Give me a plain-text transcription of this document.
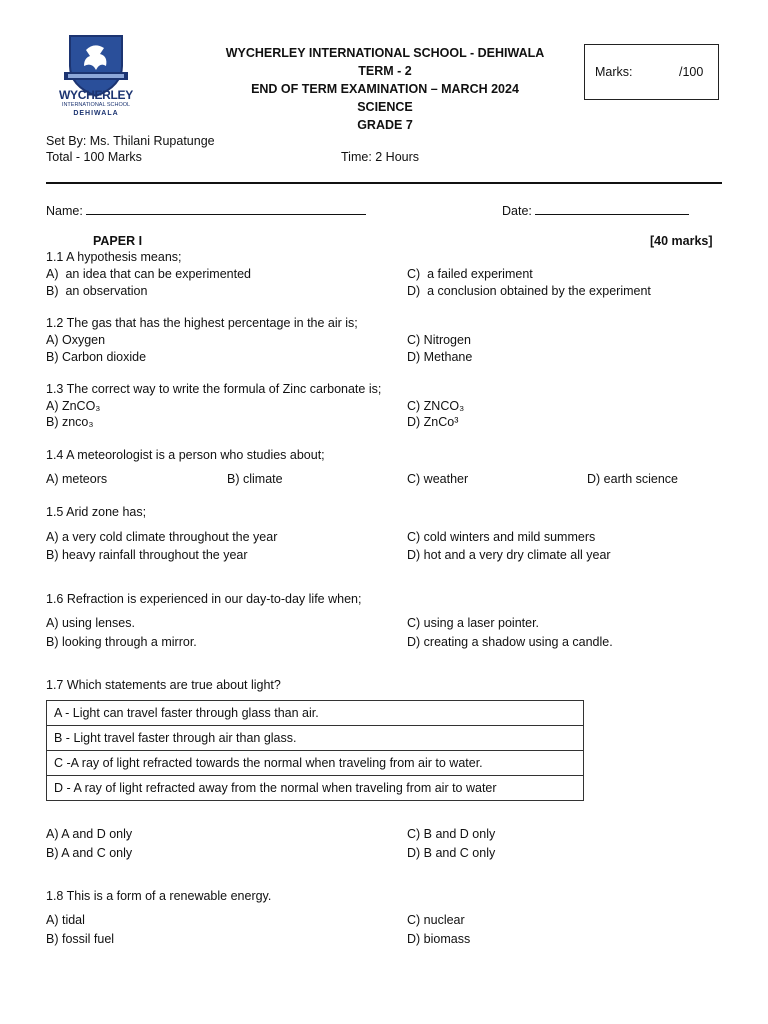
WYCHERLEY
INTERNATIONAL SCHOOL
DEHIWALA
WYCHERLEY INTERNATIONAL SCHOOL - DEHIWALA
TERM - 2
END OF TERM EXAMINATION – MARCH 2024
SCIENCE
GRADE 7
Marks:	/100
Set By: Ms. Thilani Rupatunge
Total - 100 Marks	Time: 2 Hours
Name:	Date:
PAPER I	[40 marks]
1.1 A hypothesis means;
A)  an idea that can be experimented
B)  an observation
C)  a failed experiment
D)  a conclusion obtained by the experiment
1.2 The gas that has the highest percentage in the air is;
A) Oxygen
B) Carbon dioxide
C) Nitrogen
D) Methane
1.3 The correct way to write the formula of Zinc carbonate is;
A) ZnCO₃
B) znco₃
C) ZNCO₃
D) ZnCo³
1.4 A meteorologist is a person who studies about;
A) meteors	B) climate	C) weather	D) earth science
1.5 Arid zone has;
A) a very cold climate throughout the year
B) heavy rainfall throughout the year
C) cold winters and mild summers
D) hot and a very dry climate all year
1.6 Refraction is experienced in our day-to-day life when;
A) using lenses.
B) looking through a mirror.
C) using a laser pointer.
D) creating a shadow using a candle.
1.7 Which statements are true about light?
A - Light can travel faster through glass than air.
B - Light travel faster through air than glass.
C -A ray of light refracted towards the normal when traveling from air to water.
D - A ray of light refracted away from the normal when traveling from air to water
A) A and D only
B) A and C only
C) B and D only
D) B and C only
1.8 This is a form of a renewable energy.
A) tidal
B) fossil fuel
C) nuclear
D) biomass
